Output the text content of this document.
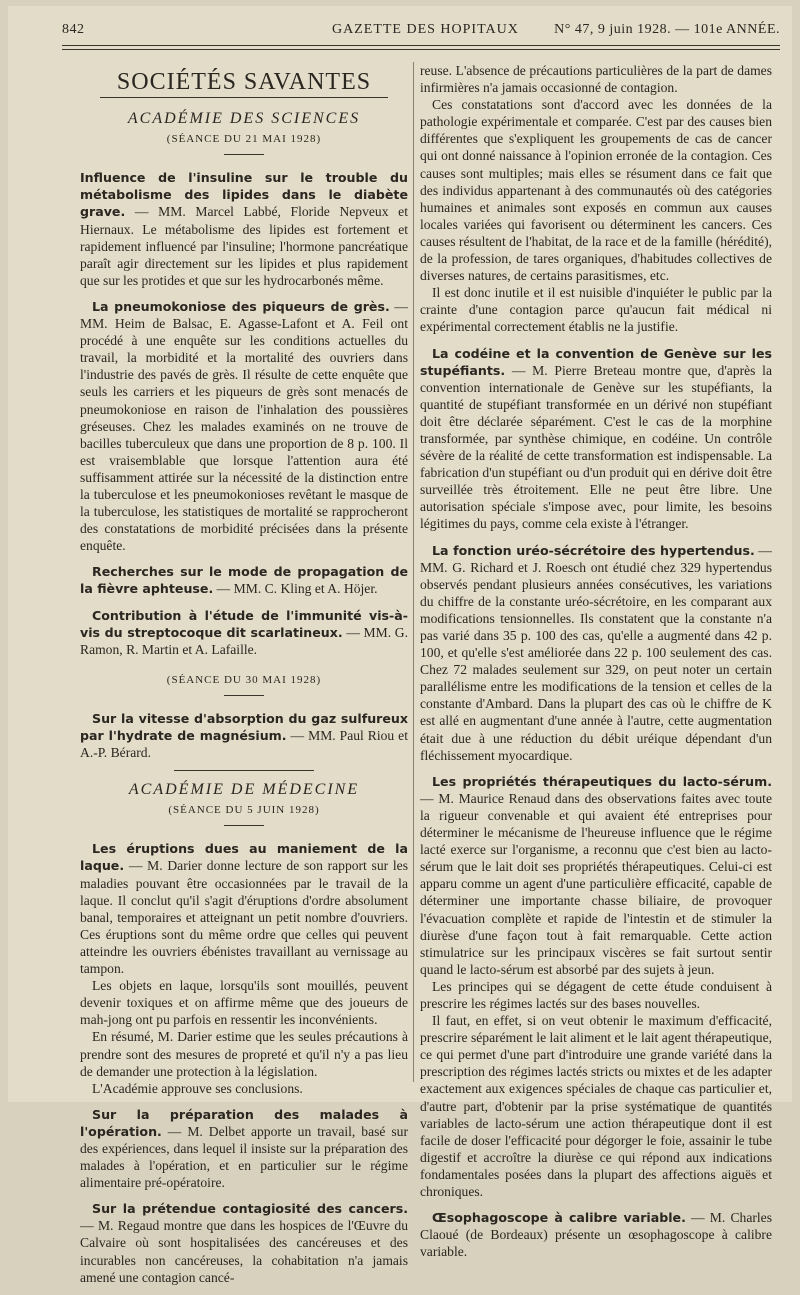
842	GAZETTE DES HOPITAUX	N° 47, 9 juin 1928. — 101e ANNÉE.
SOCIÉTÉS SAVANTES
ACADÉMIE DES SCIENCES
(SÉANCE DU 21 MAI 1928)

Influence de l'insuline sur le trouble du métabolisme des lipides dans le diabète grave. — MM. Marcel Labbé, Floride Nepveux et Hiernaux. Le métabolisme des lipides est fortement et rapidement influencé par l'insuline; l'hormone pancréatique paraît agir directement sur les lipides et plus rapidement que sur les protides et que sur les hydrocarbonés même.

La pneumokoniose des piqueurs de grès. — MM. Heim de Balsac, E. Agasse-Lafont et A. Feil ont procédé à une enquête sur les conditions actuelles du travail, la morbidité et la mortalité des ouvriers dans l'industrie des pavés de grès. Il résulte de cette enquête que seuls les carriers et les piqueurs de grès sont menacés de pneumokoniose en raison de l'inhalation des poussières gréseuses. Chez les malades examinés on ne trouve de bacilles tuberculeux que dans une proportion de 8 p. 100. Il est vraisemblable que lorsque l'attention aura été suffisamment attirée sur la nécessité de la distinction entre la tuberculose et les pneumokonioses revêtant le masque de la tuberculose, les statistiques de mortalité se rapprocheront des constatations de morbidité précisées dans la présente enquête.

Recherches sur le mode de propagation de la fièvre aphteuse. — MM. C. Kling et A. Höjer.

Contribution à l'étude de l'immunité vis-à-vis du streptocoque dit scarlatineux. — MM. G. Ramon, R. Martin et A. Lafaille.

(SÉANCE DU 30 MAI 1928)

Sur la vitesse d'absorption du gaz sulfureux par l'hydrate de magnésium. — MM. Paul Riou et A.-P. Bérard.

ACADÉMIE DE MÉDECINE
(SÉANCE DU 5 JUIN 1928)

Les éruptions dues au maniement de la laque. — M. Darier donne lecture de son rapport sur les maladies pouvant être occasionnées par le travail de la laque. Il conclut qu'il s'agit d'éruptions d'ordre absolument banal, temporaires et atteignant un petit nombre d'ouvriers. Ces éruptions sont du même ordre que celles qui peuvent atteindre les ouvriers ébénistes travaillant au vernissage au tampon.

Les objets en laque, lorsqu'ils sont mouillés, peuvent devenir toxiques et on affirme même que des joueurs de mah-jong ont pu parfois en ressentir les inconvénients.

En résumé, M. Darier estime que les seules précautions à prendre sont des mesures de propreté et qu'il n'y a pas lieu de demander une protection à la législation.

L'Académie approuve ses conclusions.

Sur la préparation des malades à l'opération. — M. Delbet apporte un travail, basé sur des expériences, dans lequel il insiste sur la préparation des malades à l'opération, et en particulier sur le régime alimentaire pré-opératoire.

Sur la prétendue contagiosité des cancers. — M. Regaud montre que dans les hospices de l'Œuvre du Calvaire où sont hospitalisées des cancéreuses et des incurables non cancéreuses, la cohabitation n'a jamais amené une contagion cancé-

reuse. L'absence de précautions particulières de la part de dames infirmières n'a jamais occasionné de contagion.

Ces constatations sont d'accord avec les données de la pathologie expérimentale et comparée. C'est par des causes bien différentes que s'expliquent les groupements de cas de cancer qui ont donné naissance à l'opinion erronée de la contagion. Ces causes sont multiples; mais elles se résument dans ce fait que des individus appartenant à des communautés où des catégories humaines et animales sont exposés en commun aux causes locales variées qui favorisent ou déterminent les cancers. Ces causes résultent de l'habitat, de la race et de la famille (hérédité), de la profession, de tares organiques, d'habitudes collectives de diverses natures, de certains parasitismes, etc.

Il est donc inutile et il est nuisible d'inquiéter le public par la crainte d'une contagion parce qu'aucun fait médical ni expérimental correctement établis ne la justifie.

La codéine et la convention de Genève sur les stupéfiants. — M. Pierre Breteau montre que, d'après la convention internationale de Genève sur les stupéfiants, la quantité de stupéfiant transformée en un dérivé non stupéfiant doit être déclarée séparément. C'est le cas de la morphine transformée, par synthèse chimique, en codéine. Un contrôle sévère de la réalité de cette transformation est indispensable. La fabrication d'un stupéfiant ou d'un produit qui en dérive doit être surveillée très étroitement. Elle ne peut être libre. Une autorisation spéciale s'impose avec, pour limite, les besoins légitimes du pays, comme cela existe à l'étranger.

La fonction uréo-sécrétoire des hypertendus. — MM. G. Richard et J. Roesch ont étudié chez 329 hypertendus observés pendant plusieurs années consécutives, les variations du chiffre de la constante uréo-sécrétoire, en les comparant aux modifications tensionnelles. Ils constatent que la constante n'a pas varié dans 35 p. 100 des cas, qu'elle a augmenté dans 42 p. 100, et qu'elle s'est améliorée dans 22 p. 100 seulement des cas. Chez 72 malades seulement sur 329, on peut noter un certain parallélisme entre les modifications de la tension et celles de la constante d'Ambard. Dans la plupart des cas où le chiffre de K est allé en augmentant d'une année à l'autre, cette augmentation était due à une réduction du débit uréique dépendant d'un fléchissement myocardique.

Les propriétés thérapeutiques du lacto-sérum. — M. Maurice Renaud dans des observations faites avec toute la rigueur convenable et qui avaient été entreprises pour déterminer le mécanisme de l'heureuse influence que le régime lacté exerce sur l'organisme, a reconnu que c'est bien au lacto-sérum que le lait doit ses propriétés thérapeutiques. Celui-ci est apparu comme un agent d'une particulière efficacité, capable de déterminer une importante chasse biliaire, de provoquer l'évacuation complète et rapide de l'intestin et de stimuler la diurèse d'une façon tout à fait remarquable. Cette action stimulatrice sur les principaux viscères se fait surtout sentir quand le lacto-sérum est absorbé par des sujets à jeun.

Les principes qui se dégagent de cette étude conduisent à prescrire les régimes lactés sur des bases nouvelles.

Il faut, en effet, si on veut obtenir le maximum d'efficacité, prescrire séparément le lait aliment et le lait agent thérapeutique, ce qui permet d'une part d'introduire une grande variété dans la prescription des régimes lactés stricts ou mixtes et de les adapter exactement aux exigences spéciales de chaque cas particulier et, d'autre part, d'obtenir par la prise systématique de quantités variables de lacto-sérum une action thérapeutique dont il est facile de doser l'efficacité pour dégorger le foie, assainir le tube digestif et accroître la diurèse ce qui répond aux indications fondamentales posées dans la plupart des affections aiguës et chroniques.

Œsophagoscope à calibre variable. — M. Charles Claoué (de Bordeaux) présente un œsophagoscope à calibre variable.
